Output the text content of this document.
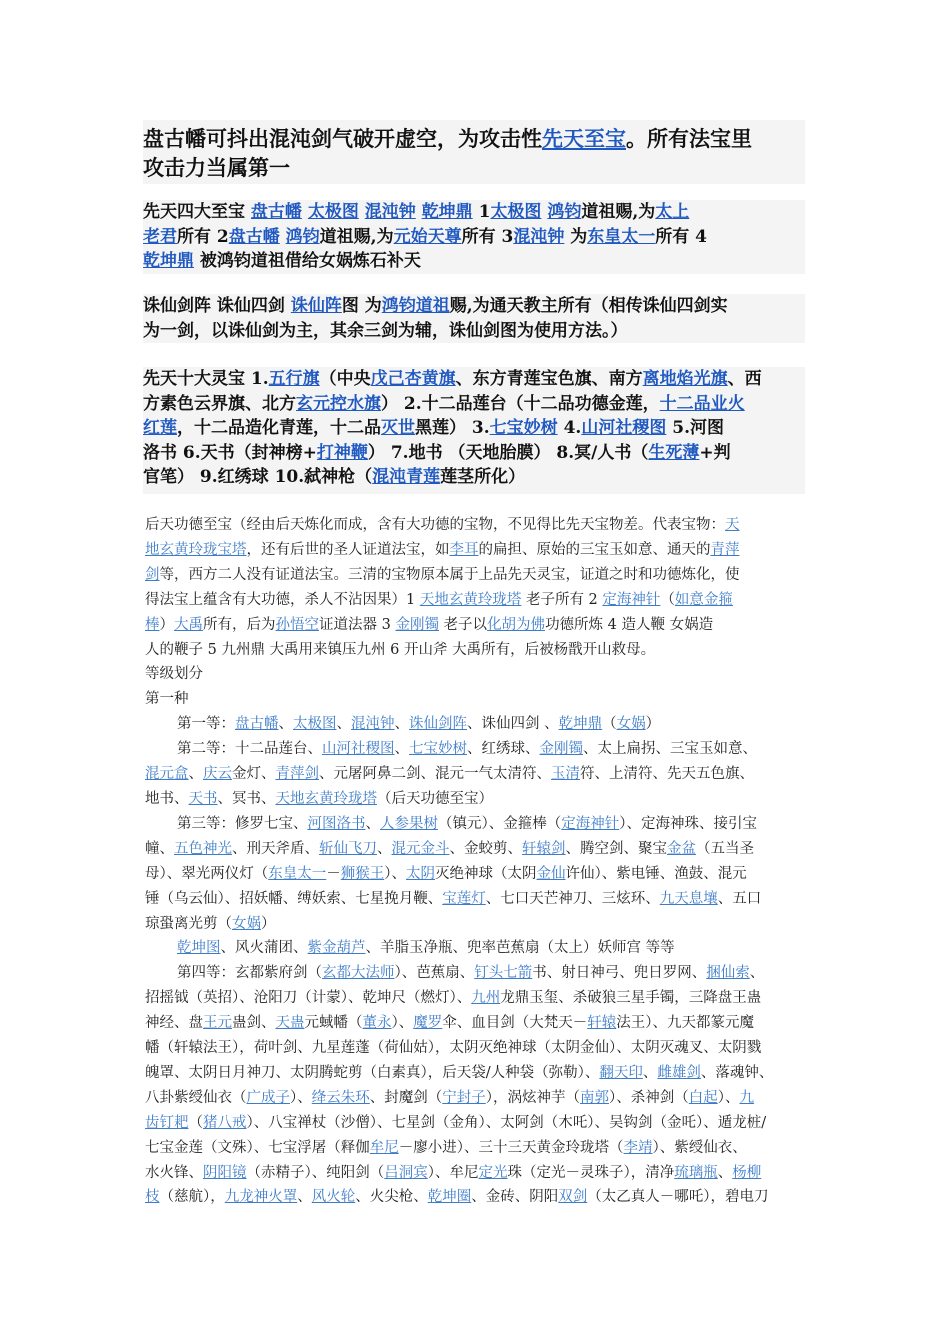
盘古幡可抖出混沌剑气破开虚空，为攻击性先天至宝。所有法宝里
攻击力当属第一
先天四大至宝 盘古幡 太极图 混沌钟 乾坤鼎 1太极图 鸿钧道祖赐,为太上
老君所有 2盘古幡 鸿钧道祖赐,为元始天尊所有 3混沌钟 为东皇太一所有 4
乾坤鼎 被鸿钧道祖借给女娲炼石补天
诛仙剑阵 诛仙四剑 诛仙阵图 为鸿钧道祖赐,为通天教主所有（相传诛仙四剑实
为一剑，以诛仙剑为主，其余三剑为辅，诛仙剑图为使用方法。）
先天十大灵宝 1.五行旗（中央戊己杏黄旗、东方青莲宝色旗、南方离地焰光旗、西
方素色云界旗、北方玄元控水旗） 2.十二品莲台（十二品功德金莲，十二品业火
红莲，十二品造化青莲，十二品灭世黑莲） 3.七宝妙树 4.山河社稷图 5.河图
洛书 6.天书（封神榜+打神鞭） 7.地书 （天地胎膜） 8.冥/人书（生死薄+判
官笔） 9.红绣球 10.弑神枪（混沌青莲莲茎所化）
后天功德至宝（经由后天炼化而成，含有大功德的宝物，不见得比先天宝物差。代表宝物：天
地玄黄玲珑宝塔，还有后世的圣人证道法宝，如李耳的扁担、原始的三宝玉如意、通天的青萍
剑等，西方二人没有证道法宝。三清的宝物原本属于上品先天灵宝，证道之时和功德炼化，使
得法宝上蕴含有大功德，杀人不沾因果）1 天地玄黄玲珑塔 老子所有 2 定海神针（如意金箍
棒）大禹所有，后为孙悟空证道法器 3 金刚镯 老子以化胡为佛功德所炼 4 造人鞭 女娲造
人的鞭子 5 九州鼎 大禹用来镇压九州 6 开山斧 大禹所有，后被杨戬开山救母。
等级划分
第一种
第一等：盘古幡、太极图、混沌钟、诛仙剑阵、诛仙四剑 、乾坤鼎（女娲）
第二等：十二品莲台、山河社稷图、七宝妙树、红绣球、金刚镯、太上扁拐、三宝玉如意、
混元盒、庆云金灯、青萍剑、元屠阿鼻二剑、混元一气太清符、玉清符、上清符、先天五色旗、
地书、天书、冥书、天地玄黄玲珑塔（后天功德至宝）
第三等：修罗七宝、河图洛书、人参果树（镇元）、金箍棒（定海神针）、定海神珠、接引宝
幢、五色神光、刑天斧盾、斩仙飞刀、混元金斗、金蛟剪、轩辕剑、腾空剑、聚宝金盆（五当圣
母）、翠光两仪灯（东皇太一－狮猴王）、太阴灭绝神球（太阴金仙许仙）、紫电锤、渔鼓、混元
锤（乌云仙）、招妖幡、缚妖索、七星挽月鞭、宝莲灯、七口天芒神刀、三炫环、九天息壤、五口
琼蛩离光剪（女娲）
乾坤图、风火蒲团、紫金葫芦、羊脂玉净瓶、兜率芭蕉扇（太上）妖师宫 等等
第四等：玄都紫府剑（玄都大法师）、芭蕉扇、钉头七箭书、射日神弓、兜日罗网、捆仙索、
招摇钺（英招）、沧阳刀（计蒙）、乾坤尺（燃灯）、九州龙鼎玉玺、杀破狼三星手镯，三降盘王蛊
神经、盘王元蛊剑、天蛊元蜮幡（董永）、魔罗伞、血目剑（大梵天－轩辕法王）、九天都篆元魔
幡（轩辕法王），荷叶剑、九星莲蓬（荷仙姑），太阴灭绝神球（太阴金仙）、太阴灭魂叉、太阴戮
魄罩、太阴日月神刀、太阴腾蛇剪（白素真），后天袋/人种袋（弥勒）、翻天印、雌雄剑、落魂钟、
八卦紫绶仙衣（广成子）、绛云朱环、封魔剑（宁封子），涡炫神芋（南郭）、杀神剑（白起）、九
齿钉耙（猪八戒）、八宝禅杖（沙僧）、七星剑（金角）、太阿剑（木吒）、吴钩剑（金吒）、遁龙桩/
七宝金莲（文殊）、七宝浮屠（释伽牟尼－廖小进）、三十三天黄金玲珑塔（李靖）、紫绶仙衣、
水火锋、阴阳镜（赤精子）、纯阳剑（吕洞宾）、牟尼定光珠（定光－灵珠子），清净琉璃瓶、杨柳
枝（慈航），九龙神火罩、风火轮、火尖枪、乾坤圈、金砖、阴阳双剑（太乙真人－哪吒），碧电刀
